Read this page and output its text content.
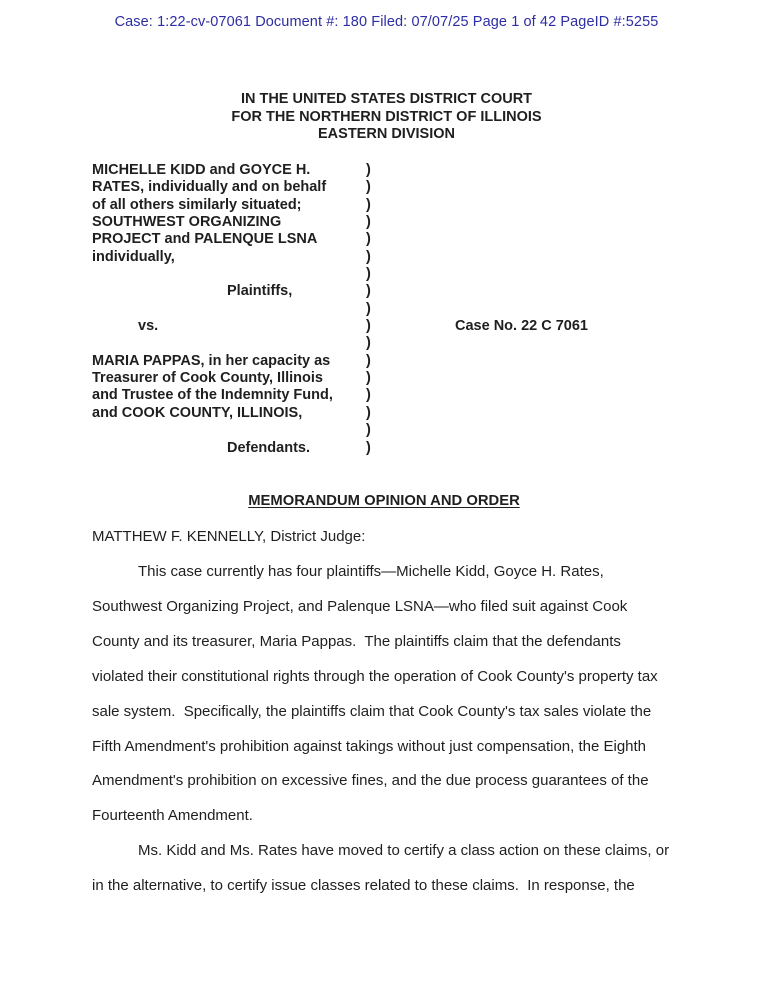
Case: 1:22-cv-07061 Document #: 180 Filed: 07/07/25 Page 1 of 42 PageID #:5255
IN THE UNITED STATES DISTRICT COURT
FOR THE NORTHERN DISTRICT OF ILLINOIS
EASTERN DIVISION
MICHELLE KIDD and GOYCE H.	)
RATES, individually and on behalf	)
of all others similarly situated;	)
SOUTHWEST ORGANIZING	)
PROJECT and PALENQUE LSNA	)
individually,	)
)
Plaintiffs,	)
)
vs.	)	Case No. 22 C 7061
)
MARIA PAPPAS, in her capacity as )
Treasurer of Cook County, Illinois	)
and Trustee of the Indemnity Fund, )
and COOK COUNTY, ILLINOIS,	)
)
Defendants.	)
MEMORANDUM OPINION AND ORDER
MATTHEW F. KENNELLY, District Judge:

This case currently has four plaintiffs—Michelle Kidd, Goyce H. Rates, Southwest Organizing Project, and Palenque LSNA—who filed suit against Cook County and its treasurer, Maria Pappas.  The plaintiffs claim that the defendants violated their constitutional rights through the operation of Cook County's property tax sale system.  Specifically, the plaintiffs claim that Cook County's tax sales violate the Fifth Amendment's prohibition against takings without just compensation, the Eighth Amendment's prohibition on excessive fines, and the due process guarantees of the Fourteenth Amendment.

Ms. Kidd and Ms. Rates have moved to certify a class action on these claims, or in the alternative, to certify issue classes related to these claims.  In response, the
